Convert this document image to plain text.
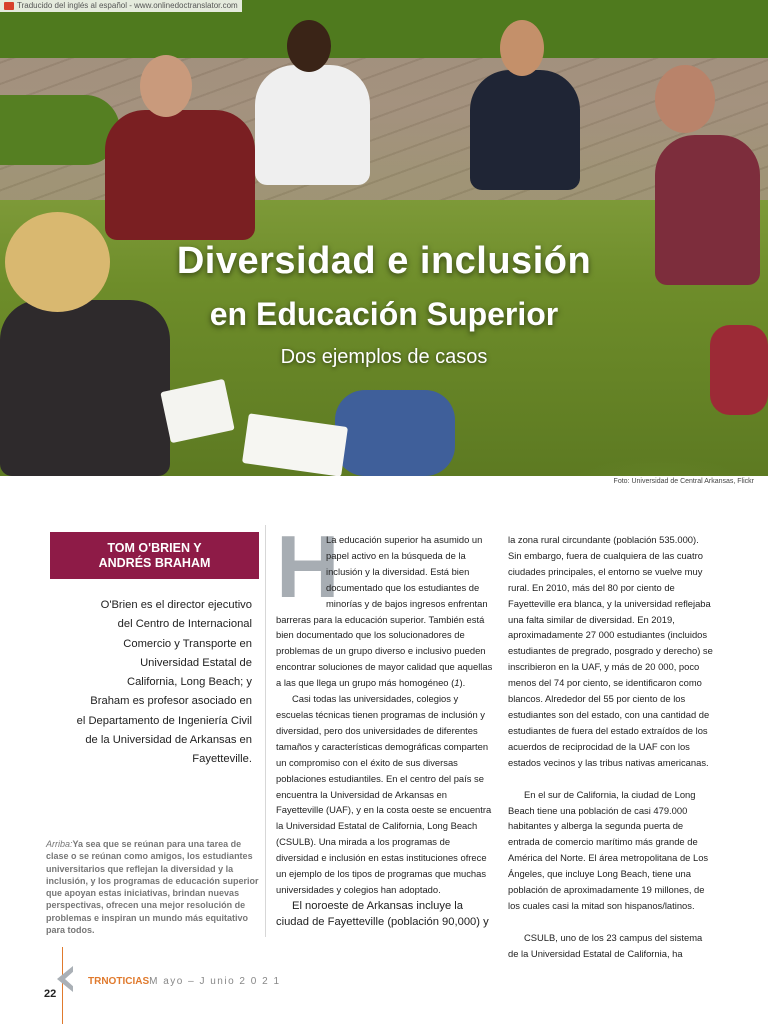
Traducido del inglés al español - www.onlinedoctranslator.com
Diversidad e inclusión
en Educación Superior
Dos ejemplos de casos
Foto: Universidad de Central Arkansas, Flickr
TOM O'BRIEN Y
ANDRÉS BRAHAM
O'Brien es el director ejecutivo
del Centro de Internacional
Comercio y Transporte en
Universidad Estatal de
California, Long Beach; y
Braham es profesor asociado en
el Departamento de Ingeniería Civil
de la Universidad de Arkansas en
Fayetteville.
Arriba:Ya sea que se reúnan para una tarea de clase o se reúnan como amigos, los estudiantes universitarios que reflejan la diversidad y la inclusión, y los programas de educación superior que apoyan estas iniciativas, brindan nuevas perspectivas, ofrecen una mejor resolución de problemas e inspiran un mundo más equitativo para todos.

H
La educación superior ha asumido un papel activo en la búsqueda de la inclusión y la diversidad. Está bien documentado que los estudiantes de minorías y de bajos ingresos enfrentan barreras para la educación superior. También está bien documentado que los solucionadores de problemas de un grupo diverso e inclusivo pueden encontrar soluciones de mayor calidad que aquellas a las que llega un grupo más homogéneo (1).

Casi todas las universidades, colegios y escuelas técnicas tienen programas de inclusión y diversidad, pero dos universidades de diferentes tamaños y características demográficas comparten un compromiso con el éxito de sus diversas poblaciones estudiantiles. En el centro del país se encuentra la Universidad de Arkansas en Fayetteville (UAF), y en la costa oeste se encuentra la Universidad Estatal de California, Long Beach (CSULB). Una mirada a los programas de diversidad e inclusión en estas instituciones ofrece un ejemplo de los tipos de programas que muchas universidades y colegios han adoptado.

El noroeste de Arkansas incluye la ciudad de Fayetteville (población 90,000) y

la zona rural circundante (población 535.000). Sin embargo, fuera de cualquiera de las cuatro ciudades principales, el entorno se vuelve muy rural. En 2010, más del 80 por ciento de Fayetteville era blanca, y la universidad reflejaba una falta similar de diversidad. En 2019, aproximadamente 27 000 estudiantes (incluidos estudiantes de pregrado, posgrado y derecho) se inscribieron en la UAF, y más de 20 000, poco menos del 74 por ciento, se identificaron como blancos. Alrededor del 55 por ciento de los estudiantes son del estado, con una cantidad de estudiantes de fuera del estado extraídos de los acuerdos de reciprocidad de la UAF con los estados vecinos y las tribus nativas americanas.

En el sur de California, la ciudad de Long Beach tiene una población de casi 479.000 habitantes y alberga la segunda puerta de entrada de comercio marítimo más grande de América del Norte. El área metropolitana de Los Ángeles, que incluye Long Beach, tiene una población de aproximadamente 19 millones, de los cuales casi la mitad son hispanos/latinos.

CSULB, uno de los 23 campus del sistema de la Universidad Estatal de California, ha

22
TRNOTICIASM ayo – J unio 2 0 2 1
